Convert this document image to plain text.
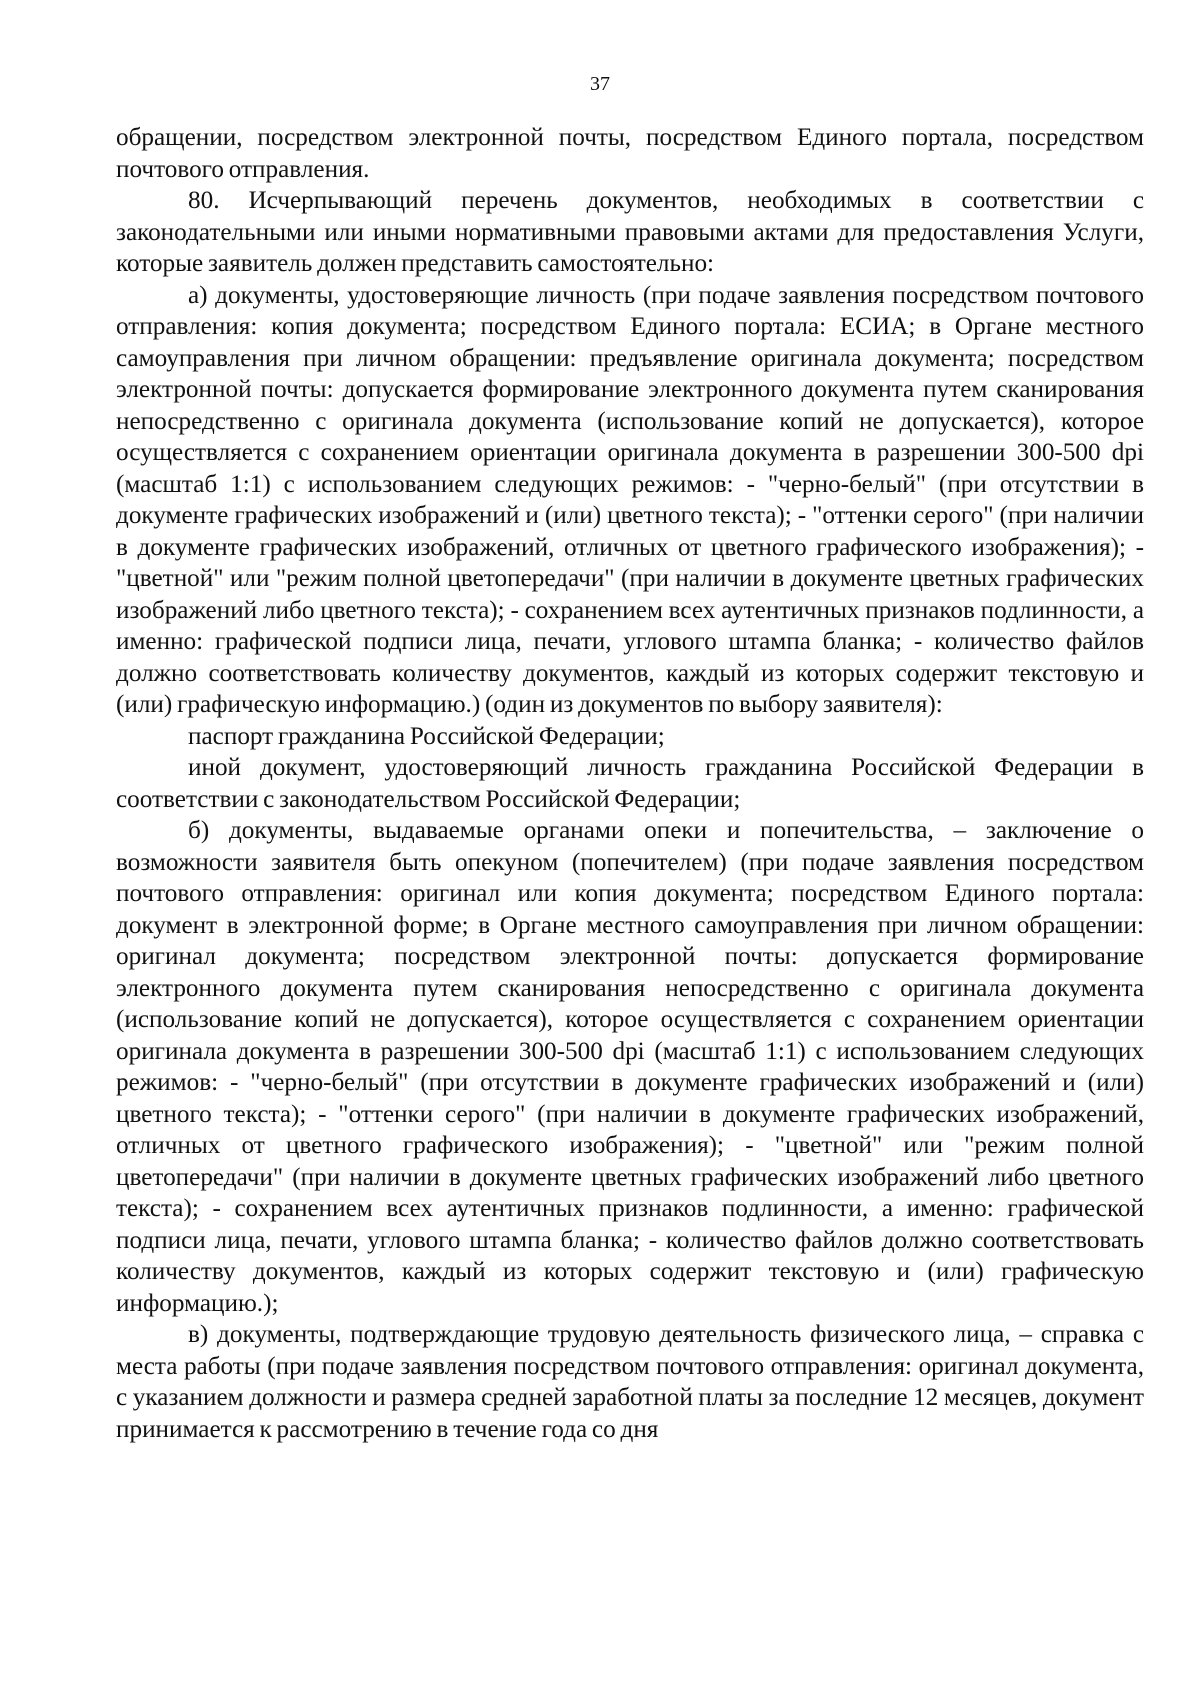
37

обращении, посредством электронной почты, посредством Единого портала, посредством почтового отправления.

80. Исчерпывающий перечень документов, необходимых в соответствии с законодательными или иными нормативными правовыми актами для предоставления Услуги, которые заявитель должен представить самостоятельно:

а) документы, удостоверяющие личность (при подаче заявления посредством почтового отправления: копия документа; посредством Единого портала: ЕСИА; в Органе местного самоуправления при личном обращении: предъявление оригинала документа; посредством электронной почты: допускается формирование электронного документа путем сканирования непосредственно с оригинала документа (использование копий не допускается), которое осуществляется с сохранением ориентации оригинала документа в разрешении 300-500 dpi (масштаб 1:1) с использованием следующих режимов: - "черно-белый" (при отсутствии в документе графических изображений и (или) цветного текста); - "оттенки серого" (при наличии в документе графических изображений, отличных от цветного графического изображения); - "цветной" или "режим полной цветопередачи" (при наличии в документе цветных графических изображений либо цветного текста); - сохранением всех аутентичных признаков подлинности, а именно: графической подписи лица, печати, углового штампа бланка; - количество файлов должно соответствовать количеству документов, каждый из которых содержит текстовую и (или) графическую информацию.) (один из документов по выбору заявителя):

паспорт гражданина Российской Федерации;

иной документ, удостоверяющий личность гражданина Российской Федерации в соответствии с законодательством Российской Федерации;

б) документы, выдаваемые органами опеки и попечительства, – заключение о возможности заявителя быть опекуном (попечителем) (при подаче заявления посредством почтового отправления: оригинал или копия документа; посредством Единого портала: документ в электронной форме; в Органе местного самоуправления при личном обращении: оригинал документа; посредством электронной почты: допускается формирование электронного документа путем сканирования непосредственно с оригинала документа (использование копий не допускается), которое осуществляется с сохранением ориентации оригинала документа в разрешении 300-500 dpi (масштаб 1:1) с использованием следующих режимов: - "черно-белый" (при отсутствии в документе графических изображений и (или) цветного текста); - "оттенки серого" (при наличии в документе графических изображений, отличных от цветного графического изображения); - "цветной" или "режим полной цветопередачи" (при наличии в документе цветных графических изображений либо цветного текста); - сохранением всех аутентичных признаков подлинности, а именно: графической подписи лица, печати, углового штампа бланка; - количество файлов должно соответствовать количеству документов, каждый из которых содержит текстовую и (или) графическую информацию.);

в) документы, подтверждающие трудовую деятельность физического лица, – справка с места работы (при подаче заявления посредством почтового отправления: оригинал документа, с указанием должности и размера средней заработной платы за последние 12 месяцев, документ принимается к рассмотрению в течение года со дня
